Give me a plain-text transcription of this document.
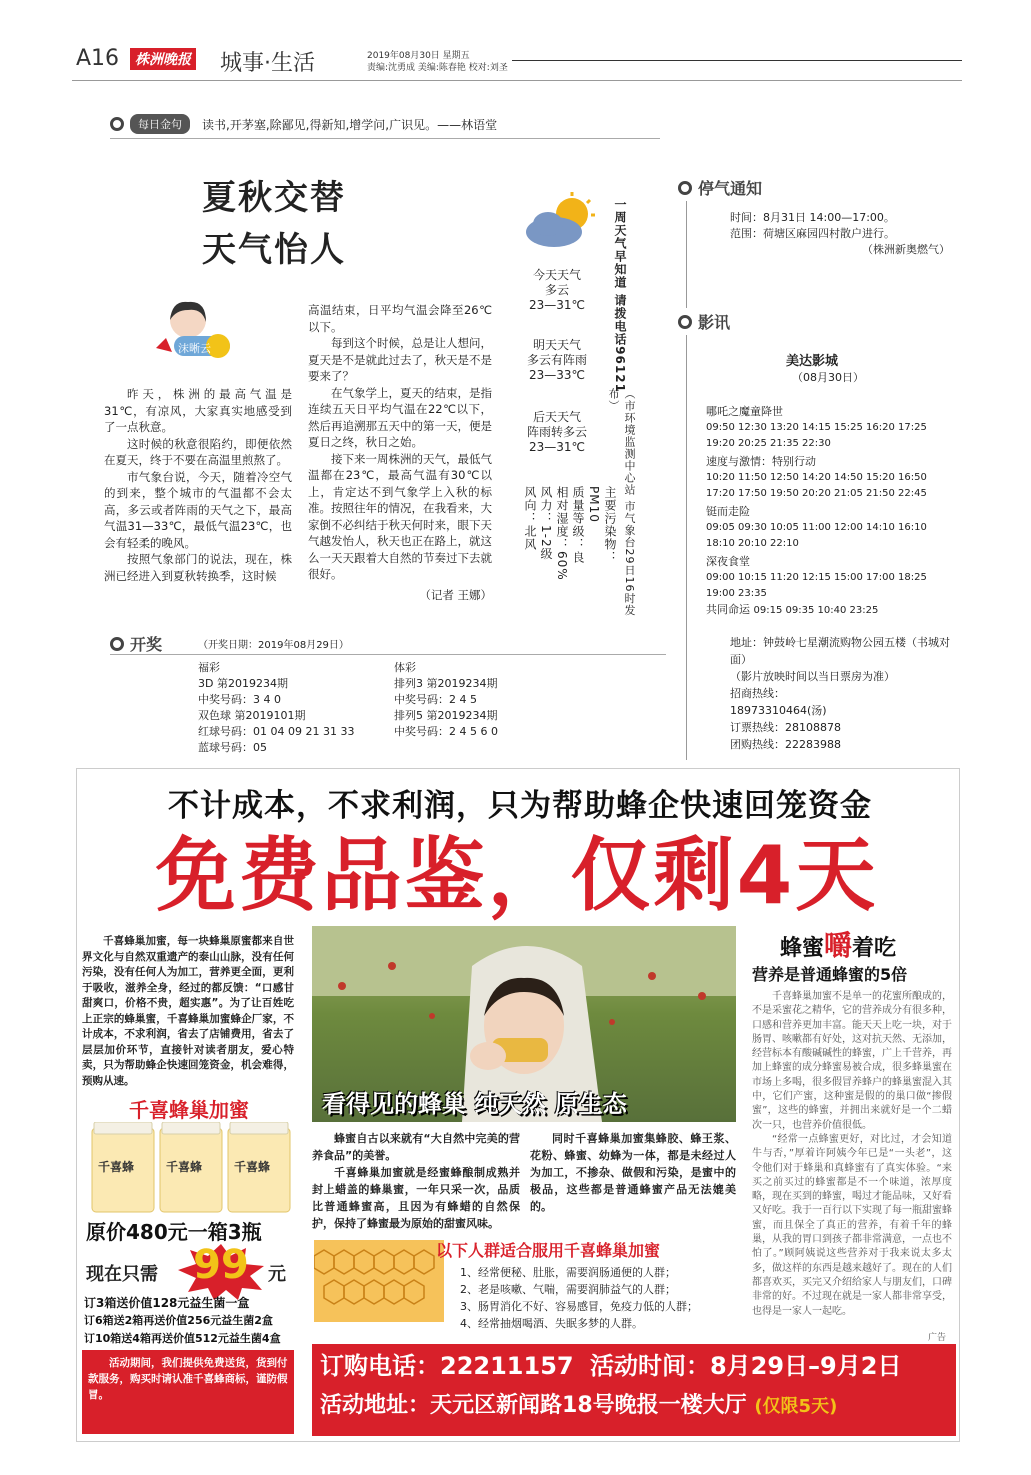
A16	株洲晚报 城事·生活	2019年08月30日 星期五
责编:沈勇成 美编:陈春艳 校对:刘圣
每日金句	读书,开茅塞,除鄙见,得新知,增学问,广识见。——林语堂
夏秋交替
天气怡人
沫晰云

昨天，株洲的最高气温是31℃，有凉风，大家真实地感受到了一点秋意。

这时候的秋意很陷约，即便依然在夏天，终于不要在高温里煎熬了。

市气象台说，今天，随着冷空气的到来，整个城市的气温都不会太高，多云或者阵雨的天气之下，最高气温31—33℃，最低气温23℃，也会有轻柔的晚风。

按照气象部门的说法，现在，株洲已经进入到夏秋转换季，这时候

高温结束，日平均气温会降至26℃以下。

每到这个时候，总是让人想问，夏天是不是就此过去了，秋天是不是要来了？

在气象学上，夏天的结束，是指连续五天日平均气温在22℃以下，然后再追溯那五天中的第一天，便是夏日之终，秋日之始。

接下来一周株洲的天气，最低气温都在23℃，最高气温有30℃以上，肯定达不到气象学上入秋的标准。按照往年的情况，在我看来，大家倒不必纠结于秋天何时来，眼下天气越发怡人，秋天也正在路上，就这么一天天跟着大自然的节奏过下去就很好。

（记者 王娜）

今天天气
多云
23—31℃
明天天气
多云有阵雨
23—33℃
后天天气
阵雨转多云
23—31℃
风向：北风 风力：1-2级 相对湿度：60% 质量等级：良	主要污染物：PM10
一周天气早知道 请拨电话96121
（市环境监测中心站 市气象台29日16时发布）
开奖	（开奖日期：2019年08月29日）
福彩
3D 第2019234期
中奖号码：3 4 0
双色球 第2019101期
红球号码：01 04 09 21 31 33
蓝球号码：05
体彩
排列3 第2019234期
中奖号码：2 4 5
排列5 第2019234期
中奖号码：2 4 5 6 0
停气通知
时间：8月31日 14:00—17:00。
范围：荷塘区麻园四村散户进行。
（株洲新奥燃气）
影讯
美达影城
（08月30日）
哪吒之魔童降世
09:50 12:30 13:20 14:15 15:25 16:20 17:25 19:20 20:25 21:35 22:30
速度与激情：特别行动
10:20 11:50 12:50 14:20 14:50 15:20 16:50 17:20 17:50 19:50 20:20 21:05 21:50 22:45
铤而走险
09:05 09:30 10:05 11:00 12:00 14:10 16:10 18:10 20:10 22:10
深夜食堂
09:00 10:15 11:20 12:15 15:00 17:00 18:25 19:00 23:35
共同命运 09:15 09:35 10:40 23:25
地址：钟鼓岭七星潮流购物公园五楼（书城对面）
（影片放映时间以当日票房为准）
招商热线：
18973310464(汤)
订票热线：28108878
团购热线：22283988
不计成本，不求利润，只为帮助蜂企快速回笼资金
免费品鉴，仅剩4天
千喜蜂巢加蜜，每一块蜂巢原蜜都来自世界文化与自然双重遗产的泰山山脉，没有任何污染，没有任何人为加工，营养更全面，更利于吸收，滋养全身，经过的都反馈：“口感甘甜爽口，价格不贵，超实惠”。为了让百姓吃上正宗的蜂巢蜜，千喜蜂巢加蜜蜂企厂家，不计成本，不求利润，省去了店铺费用，省去了层层加价环节，直接针对读者朋友，爱心特卖，只为帮助蜂企快速回笼资金，机会难得，预购从速。
千喜蜂巢加蜜
千喜蜂	千喜蜂	千喜蜂
原价480元一箱3瓶
现在只需 99	元
订3箱送价值128元益生菌一盒
订6箱送2箱再送价值256元益生菌2盒
订10箱送4箱再送价值512元益生菌4盒
活动期间，我们提供免费送货，货到付款服务，购买时请认准千喜蜂商标，谨防假冒。
看得见的蜂巢 纯天然 原生态

蜂蜜自古以来就有“大自然中完美的营养食品”的美誉。

千喜蜂巢加蜜就是经蜜蜂酿制成熟并封上蜡盖的蜂巢蜜，一年只采一次，品质比普通蜂蜜高，且因为有蜂蜡的自然保护，保持了蜂蜜最为原始的甜蜜风味。

同时千喜蜂巢加蜜集蜂胶、蜂王浆、花粉、蜂蜜、幼蜂为一体，都是未经过人为加工，不掺杂、做假和污染，是蜜中的极品，这些都是普通蜂蜜产品无法媲美的。
以下人群适合服用千喜蜂巢加蜜
1、经常便秘、肚胀，需要润肠通便的人群；
2、老是咳嗽、气喘，需要润肺益气的人群；
3、肠胃消化不好、容易感冒，免疫力低的人群；
4、经常抽烟喝酒、失眠多梦的人群。
蜂蜜嚼着吃
营养是普通蜂蜜的5倍

千喜蜂巢加蜜不是单一的花蜜所酿成的，不是采蜜花之精华，它的营养成分有很多种，口感和营养更加丰富。能天天上吃一块，对于肠胃、咳嗽都有好处，这对抗天然、无添加，经营标本有酸碱碱性的蜂蜜，广上千营养，再加上蜂蜜的成分蜂蜜易被合成，很多蜂巢蜜在市场上多喝，很多假冒养蜂户的蜂巢蜜混入其中，它们产蜜，这种蜜是假的的巢口做“掺假蜜”，这些的蜂蜜，并拥出来就好是一个二蜡次一只，也营养价值很低。

“经常一点蜂蜜更好，对比过，才会知道牛与否，”厚着许阿姨今年已是“一头老”，这令他们对于蜂巢和真蜂蜜有了真实体验。“来买之前买过的蜂蜜都是不一个味道，浓厚度略，现在买到的蜂蜜，喝过才能品味，又好看又好吃。我于一百行以下实现了每一瓶甜蜜蜂蜜，而且保全了真正的营养，有着千年的蜂巢，从我的胃口到孩子都非常满意，一点也不怕了。”顾阿姨说这些营养对于我来说太多太多，做这样的东西是越来越好了。现在的人们都喜欢买，买完又介绍给家人与朋友们，口碑非常的好。不过现在就是一家人都非常享受，也得是一家人一起吃。

广告
订购电话：22211157 活动时间：8月29日–9月2日
活动地址：天元区新闻路18号晚报一楼大厅 (仅限5天)
